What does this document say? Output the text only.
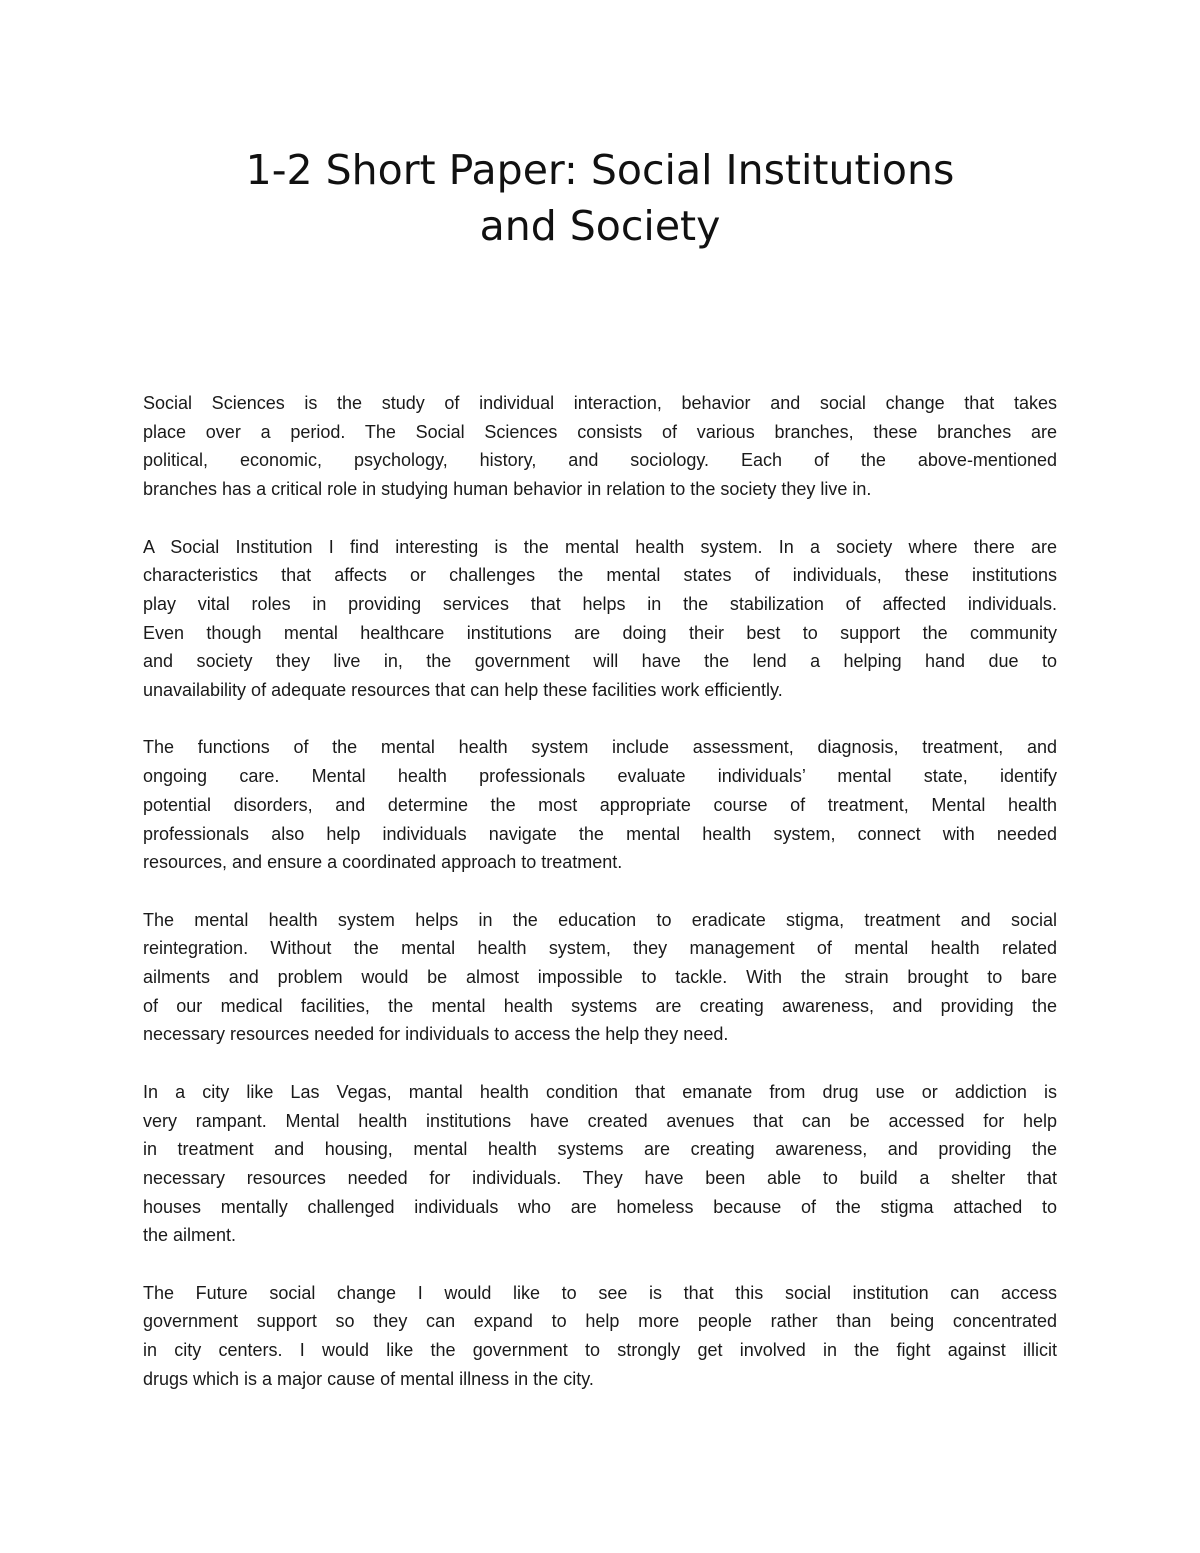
1-2 Short Paper: Social Institutions
and Society
Social Sciences is the study of individual interaction, behavior and social change that takes
place over a period. The Social Sciences consists of various branches, these branches are
political, economic, psychology, history, and sociology. Each of the above-mentioned
branches has a critical role in studying human behavior in relation to the society they live in.
A Social Institution I find interesting is the mental health system. In a society where there are
characteristics that affects or challenges the mental states of individuals, these institutions
play vital roles in providing services that helps in the stabilization of affected individuals.
Even though mental healthcare institutions are doing their best to support the community
and society they live in, the government will have the lend a helping hand due to
unavailability of adequate resources that can help these facilities work efficiently.
The functions of the mental health system include assessment, diagnosis, treatment, and
ongoing care. Mental health professionals evaluate individuals’ mental state, identify
potential disorders, and determine the most appropriate course of treatment, Mental health
professionals also help individuals navigate the mental health system, connect with needed
resources, and ensure a coordinated approach to treatment.
The mental health system helps in the education to eradicate stigma, treatment and social
reintegration. Without the mental health system, they management of mental health related
ailments and problem would be almost impossible to tackle. With the strain brought to bare
of our medical facilities, the mental health systems are creating awareness, and providing the
necessary resources needed for individuals to access the help they need.
In a city like Las Vegas, mantal health condition that emanate from drug use or addiction is
very rampant. Mental health institutions have created avenues that can be accessed for help
in treatment and housing, mental health systems are creating awareness, and providing the
necessary resources needed for individuals. They have been able to build a shelter that
houses mentally challenged individuals who are homeless because of the stigma attached to
the ailment.
The Future social change I would like to see is that this social institution can access
government support so they can expand to help more people rather than being concentrated
in city centers. I would like the government to strongly get involved in the fight against illicit
drugs which is a major cause of mental illness in the city.
